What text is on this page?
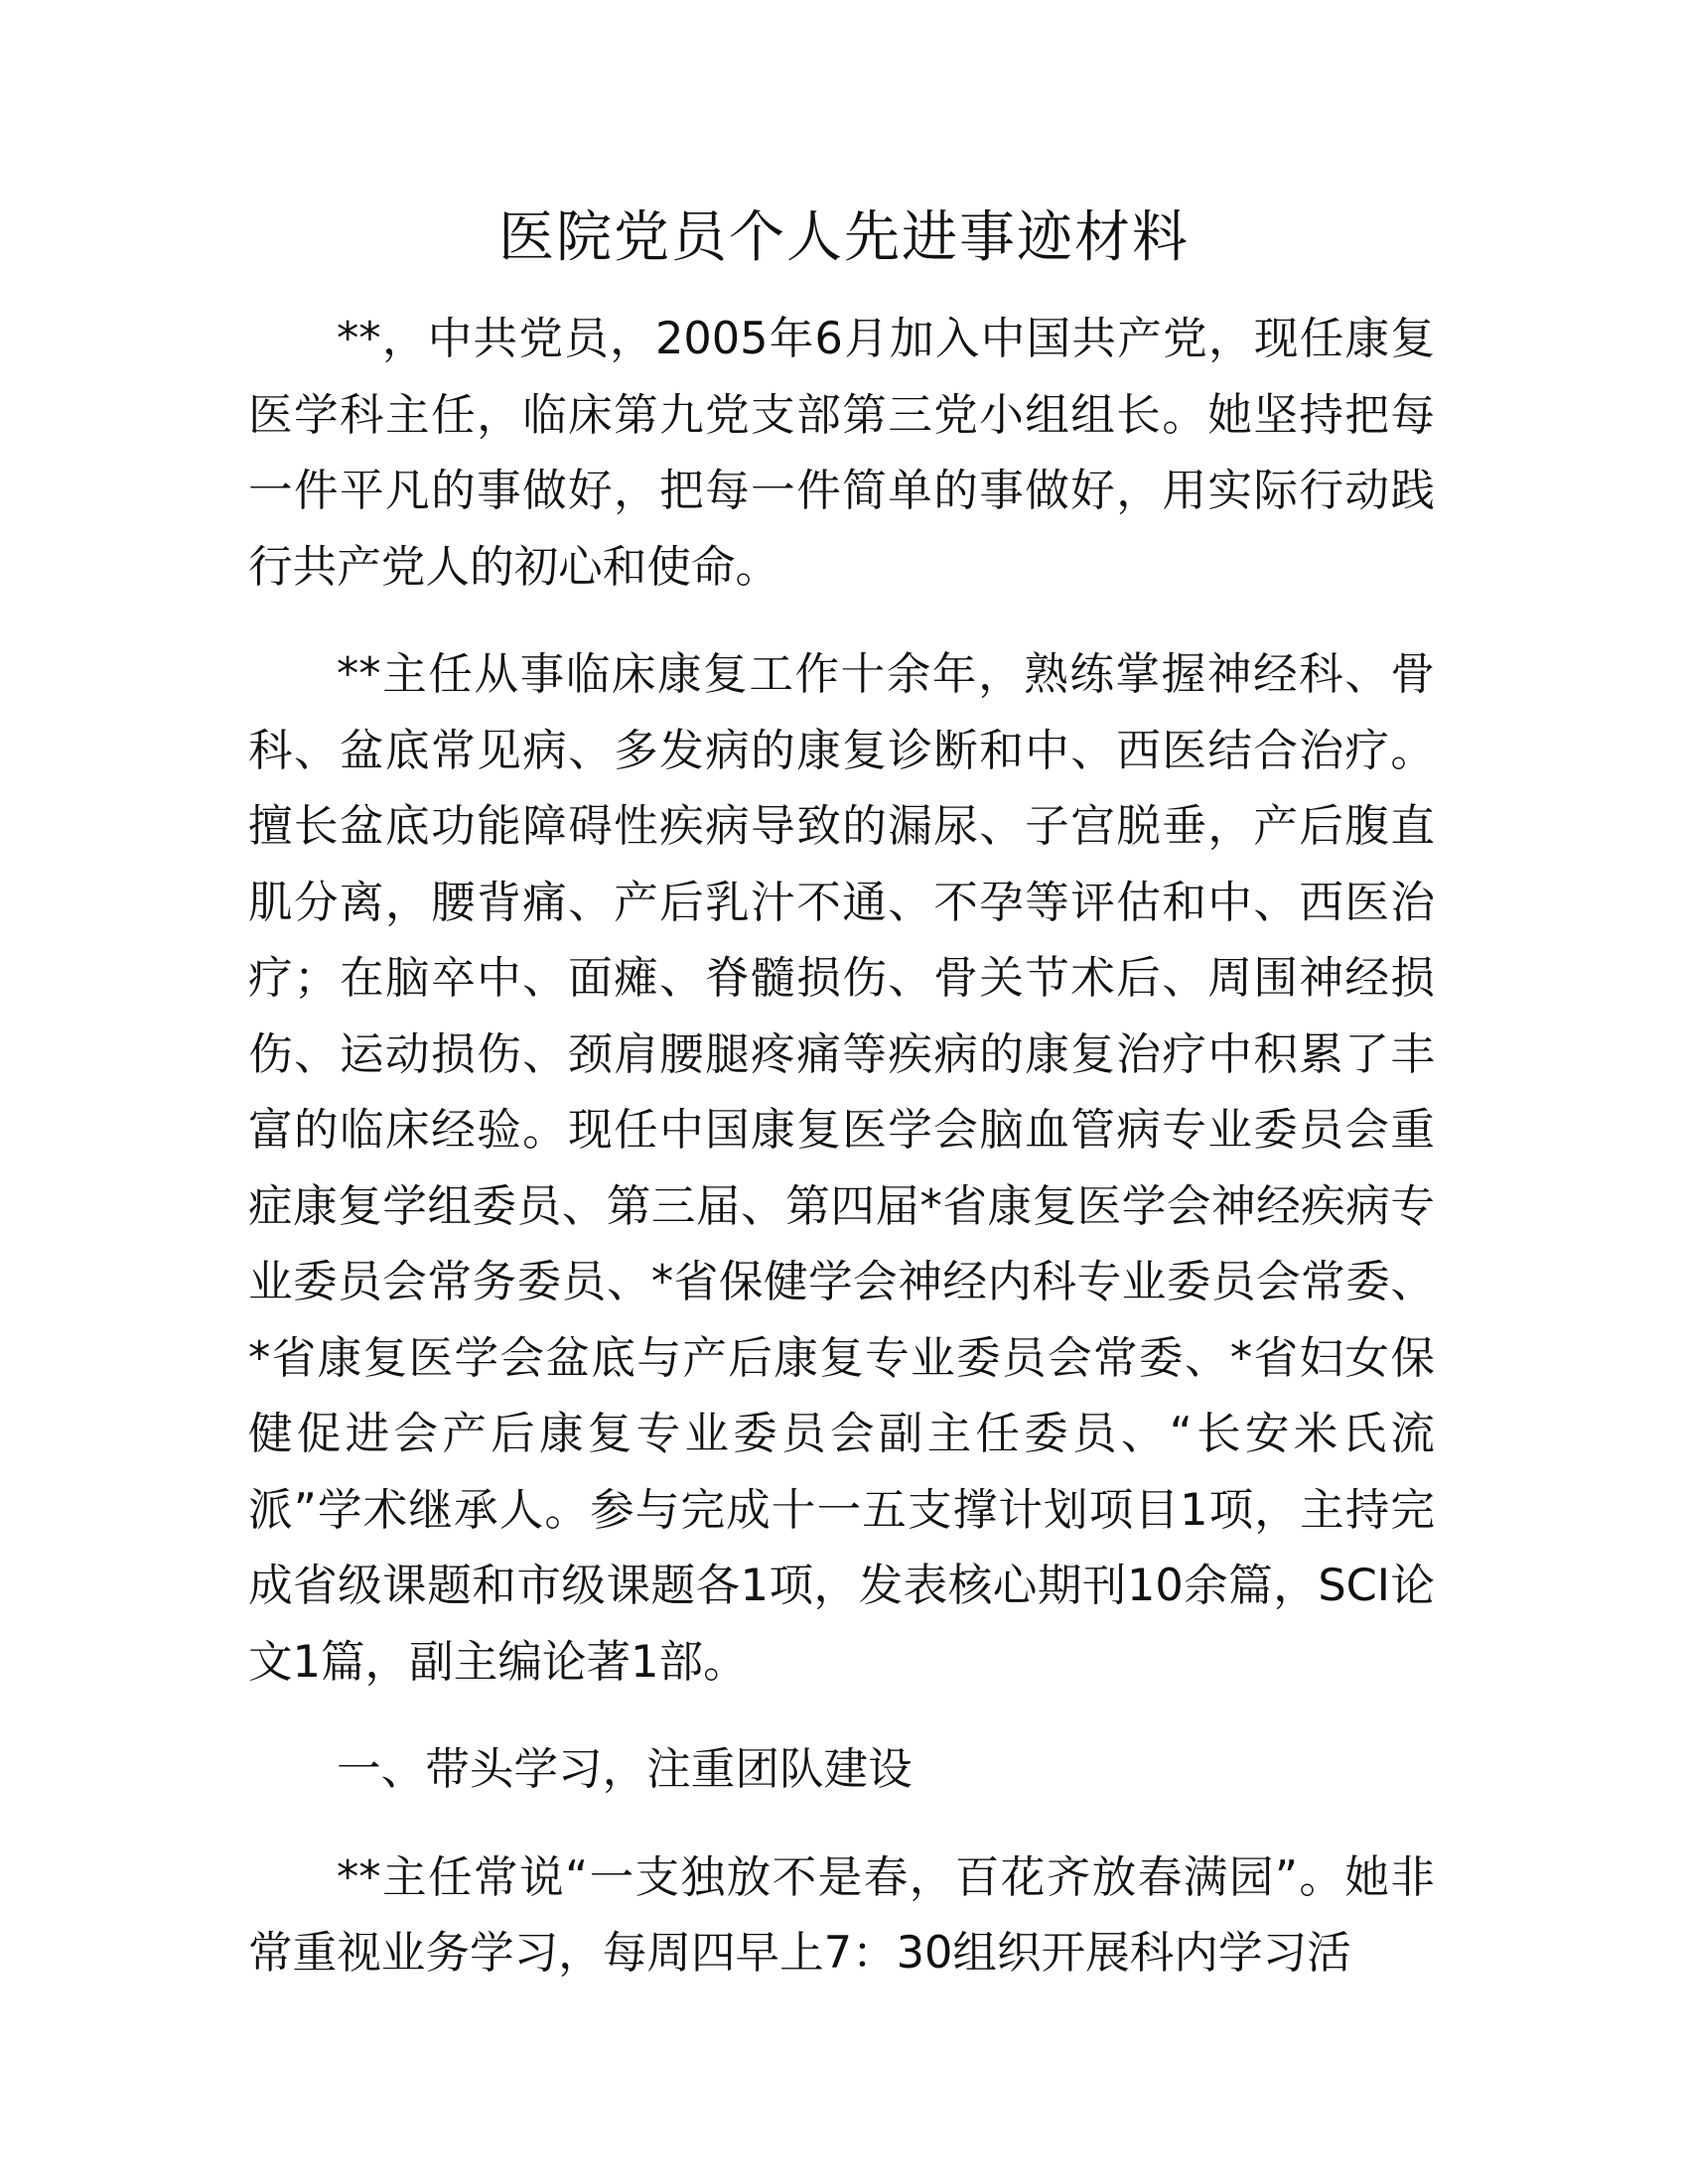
医院党员个人先进事迹材料

**，中共党员，2005年6月加入中国共产党，现任康复医学科主任，临床第九党支部第三党小组组长。她坚持把每一件平凡的事做好，把每一件简单的事做好，用实际行动践行共产党人的初心和使命。

**主任从事临床康复工作十余年，熟练掌握神经科、骨科、盆底常见病、多发病的康复诊断和中、西医结合治疗。擅长盆底功能障碍性疾病导致的漏尿、子宫脱垂，产后腹直肌分离，腰背痛、产后乳汁不通、不孕等评估和中、西医治疗；在脑卒中、面瘫、脊髓损伤、骨关节术后、周围神经损伤、运动损伤、颈肩腰腿疼痛等疾病的康复治疗中积累了丰富的临床经验。现任中国康复医学会脑血管病专业委员会重症康复学组委员、第三届、第四届*省康复医学会神经疾病专业委员会常务委员、*省保健学会神经内科专业委员会常委、*省康复医学会盆底与产后康复专业委员会常委、*省妇女保健促进会产后康复专业委员会副主任委员、“长安米氏流派”学术继承人。参与完成十一五支撑计划项目1项，主持完成省级课题和市级课题各1项，发表核心期刊10余篇，SCI论文1篇，副主编论著1部。

一、带头学习，注重团队建设

**主任常说“一支独放不是春，百花齐放春满园”。她非常重视业务学习，每周四早上7：30组织开展科内学习活
